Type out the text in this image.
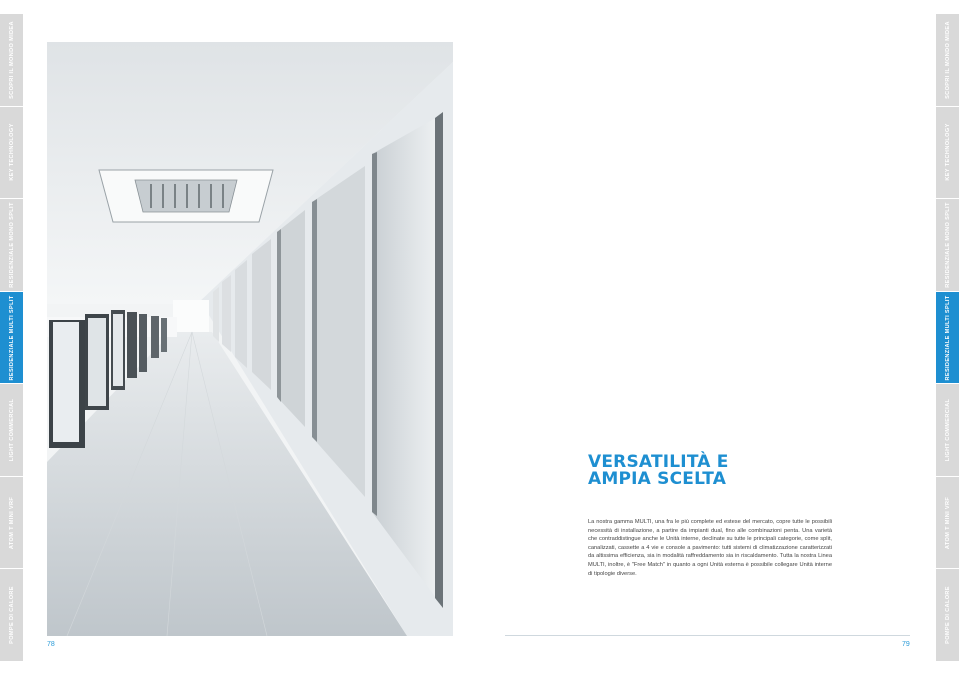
SCOPRI IL MONDO MIDEA
KEY TECHNOLOGY
RESIDENZIALE MONO SPLIT
RESIDENZIALE MULTI SPLIT
LIGHT COMMERCIAL
ATOM T MINI VRF
POMPE DI CALORE
SCOPRI IL MONDO MIDEA
KEY TECHNOLOGY
RESIDENZIALE MONO SPLIT
RESIDENZIALE MULTI SPLIT
LIGHT COMMERCIAL
ATOM T MINI VRF
POMPE DI CALORE
78	79
VERSATILITÀ E
AMPIA SCELTA

La nostra gamma MULTI, una fra le più complete ed estese del mercato, copre tutte le possibili necessità di installazione, a partire da impianti dual, fino alle combinazioni penta. Una varietà che contraddistingue anche le Unità interne, declinate su tutte le principali categorie, come split, canalizzati, cassette a 4 vie e console a pavimento: tutti sistemi di climatizzazione caratterizzati da altissima efficienza, sia in modalità raffreddamento sia in riscaldamento. Tutta la nostra Linea MULTI, inoltre, è "Free Match" in quanto a ogni Unità esterna è possibile collegare Unità interne di tipologie diverse.
